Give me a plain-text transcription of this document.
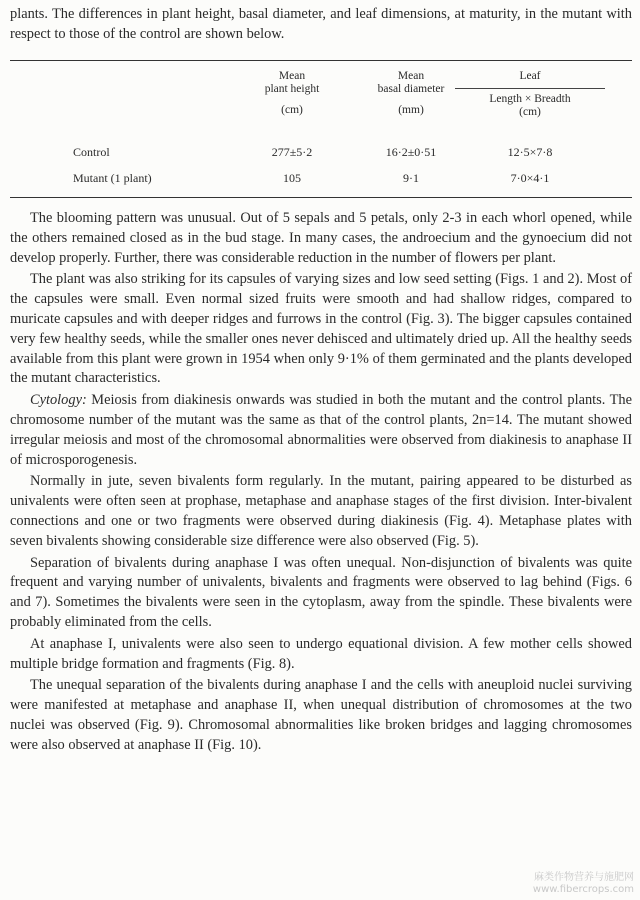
plants. The differences in plant height, basal diameter, and leaf dimensions, at maturity, in the mutant with respect to those of the control are shown below.
Mean
plant height
(cm)
Mean
basal diameter
(mm)
Leaf
Length × Breadth
(cm)
Control	277±5·2	16·2±0·51	12·5×7·8
Mutant (1 plant)	105	9·1	7·0×4·1

The blooming pattern was unusual. Out of 5 sepals and 5 petals, only 2-3 in each whorl opened, while the others remained closed as in the bud stage. In many cases, the androecium and the gynoecium did not develop properly. Further, there was considerable reduction in the number of flowers per plant.

The plant was also striking for its capsules of varying sizes and low seed setting (Figs. 1 and 2). Most of the capsules were small. Even normal sized fruits were smooth and had shallow ridges, compared to muricate capsules and with deeper ridges and furrows in the control (Fig. 3). The bigger capsules contained very few healthy seeds, while the smaller ones never dehisced and ultimately dried up. All the healthy seeds available from this plant were grown in 1954 when only 9·1% of them germinated and the plants developed the mutant characteristics.

Cytology: Meiosis from diakinesis onwards was studied in both the mutant and the control plants. The chromosome number of the mutant was the same as that of the control plants, 2n=14. The mutant showed irregular meiosis and most of the chromosomal abnormalities were observed from diakinesis to anaphase II of microsporogenesis.

Normally in jute, seven bivalents form regularly. In the mutant, pairing appeared to be disturbed as univalents were often seen at prophase, metaphase and anaphase stages of the first division. Inter-bivalent connections and one or two fragments were observed during diakinesis (Fig. 4). Metaphase plates with seven bivalents showing considerable size difference were also observed (Fig. 5).

Separation of bivalents during anaphase I was often unequal. Non-disjunction of bivalents was quite frequent and varying number of univalents, bivalents and fragments were observed to lag behind (Figs. 6 and 7). Sometimes the bivalents were seen in the cytoplasm, away from the spindle. These bivalents were probably eliminated from the cells.

At anaphase I, univalents were also seen to undergo equational division. A few mother cells showed multiple bridge formation and fragments (Fig. 8).

The unequal separation of the bivalents during anaphase I and the cells with aneuploid nuclei surviving were manifested at metaphase and anaphase II, when unequal distribution of chromosomes at the two nuclei was observed (Fig. 9). Chromosomal abnormalities like broken bridges and lagging chromosomes were also observed at anaphase II (Fig. 10).

麻类作物营养与施肥网
www.fibercrops.com
